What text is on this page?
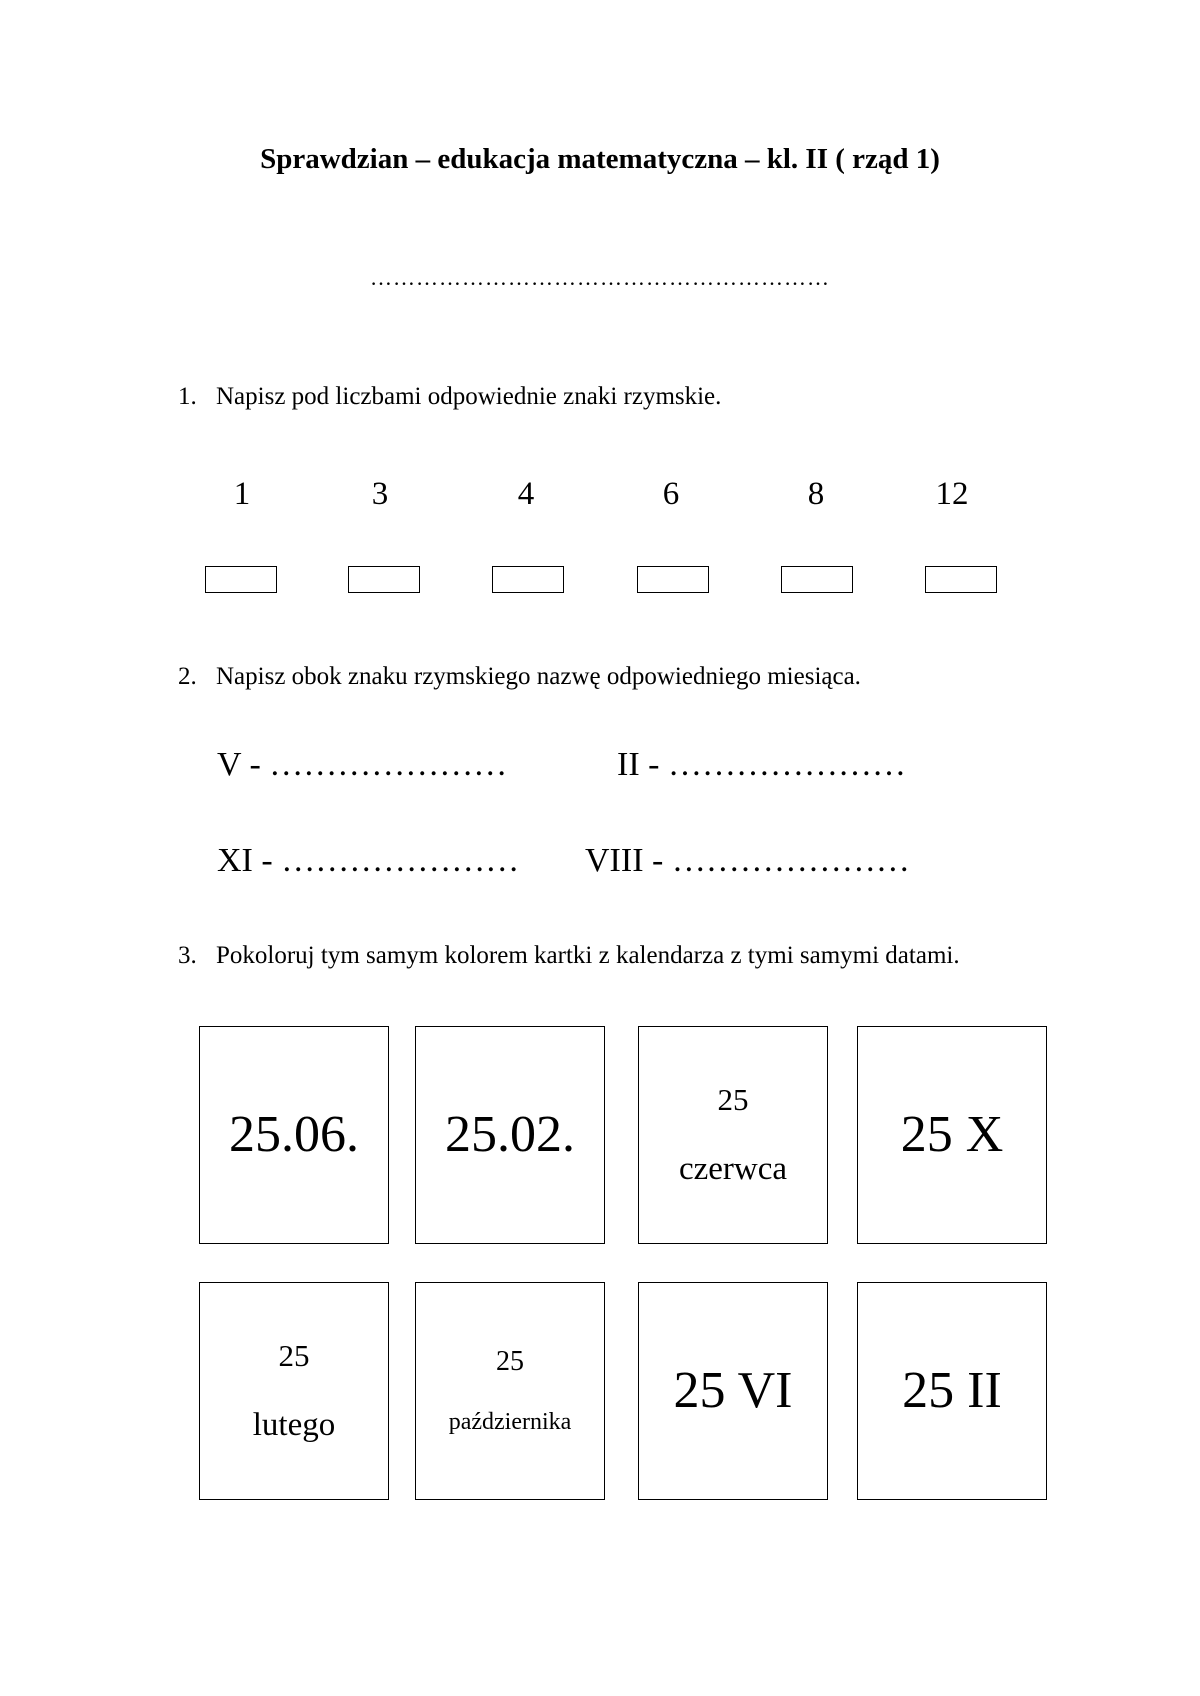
Sprawdzian – edukacja matematyczna – kl. II ( rząd 1)
……………………………………………………
1. Napisz pod liczbami odpowiednie znaki rzymskie.
1	3	4	6	8	12
2. Napisz obok znaku rzymskiego nazwę odpowiedniego miesiąca.
V - …………………	II - …………………
XI - ………………… VIII - …………………
3. Pokoloruj tym samym kolorem kartki z kalendarza z tymi samymi datami.
25.06. 25.02.
25
czerwca
25 X
25
lutego
25
października
25 VI 25 II
